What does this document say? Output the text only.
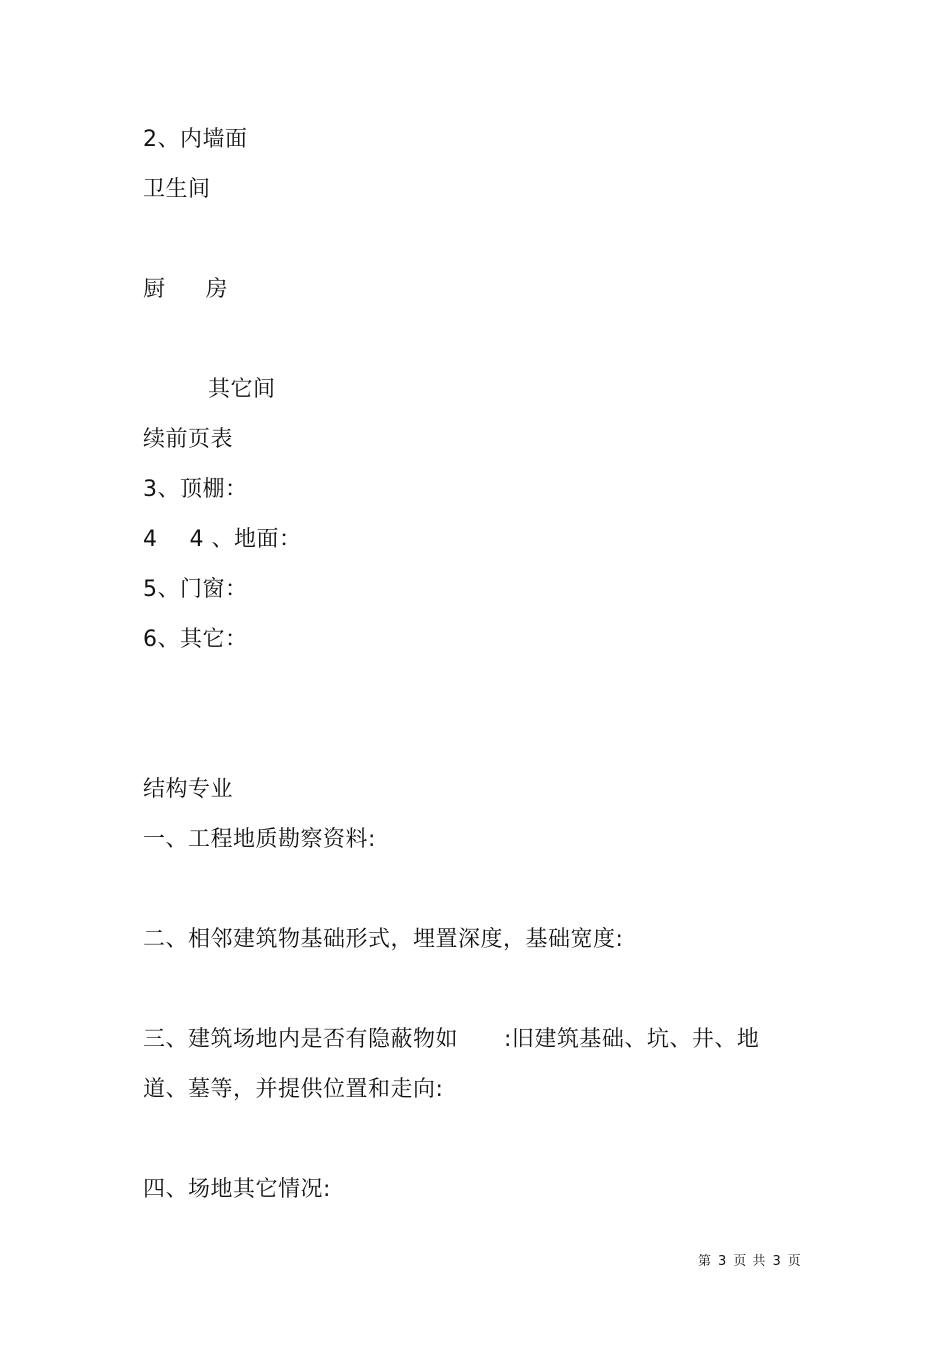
2、内墙面
卫生间
厨 房
其它间
续前页表
3、顶棚：
4 4 、地面：
5、门窗：
6、其它：
结构专业
一、工程地质勘察资料:
二、相邻建筑物基础形式，埋置深度，基础宽度:
三、建筑场地内是否有隐蔽物如 :旧建筑基础、坑、井、地
道、墓等，并提供位置和走向:
四、场地其它情况:
第 3 页 共 3 页
